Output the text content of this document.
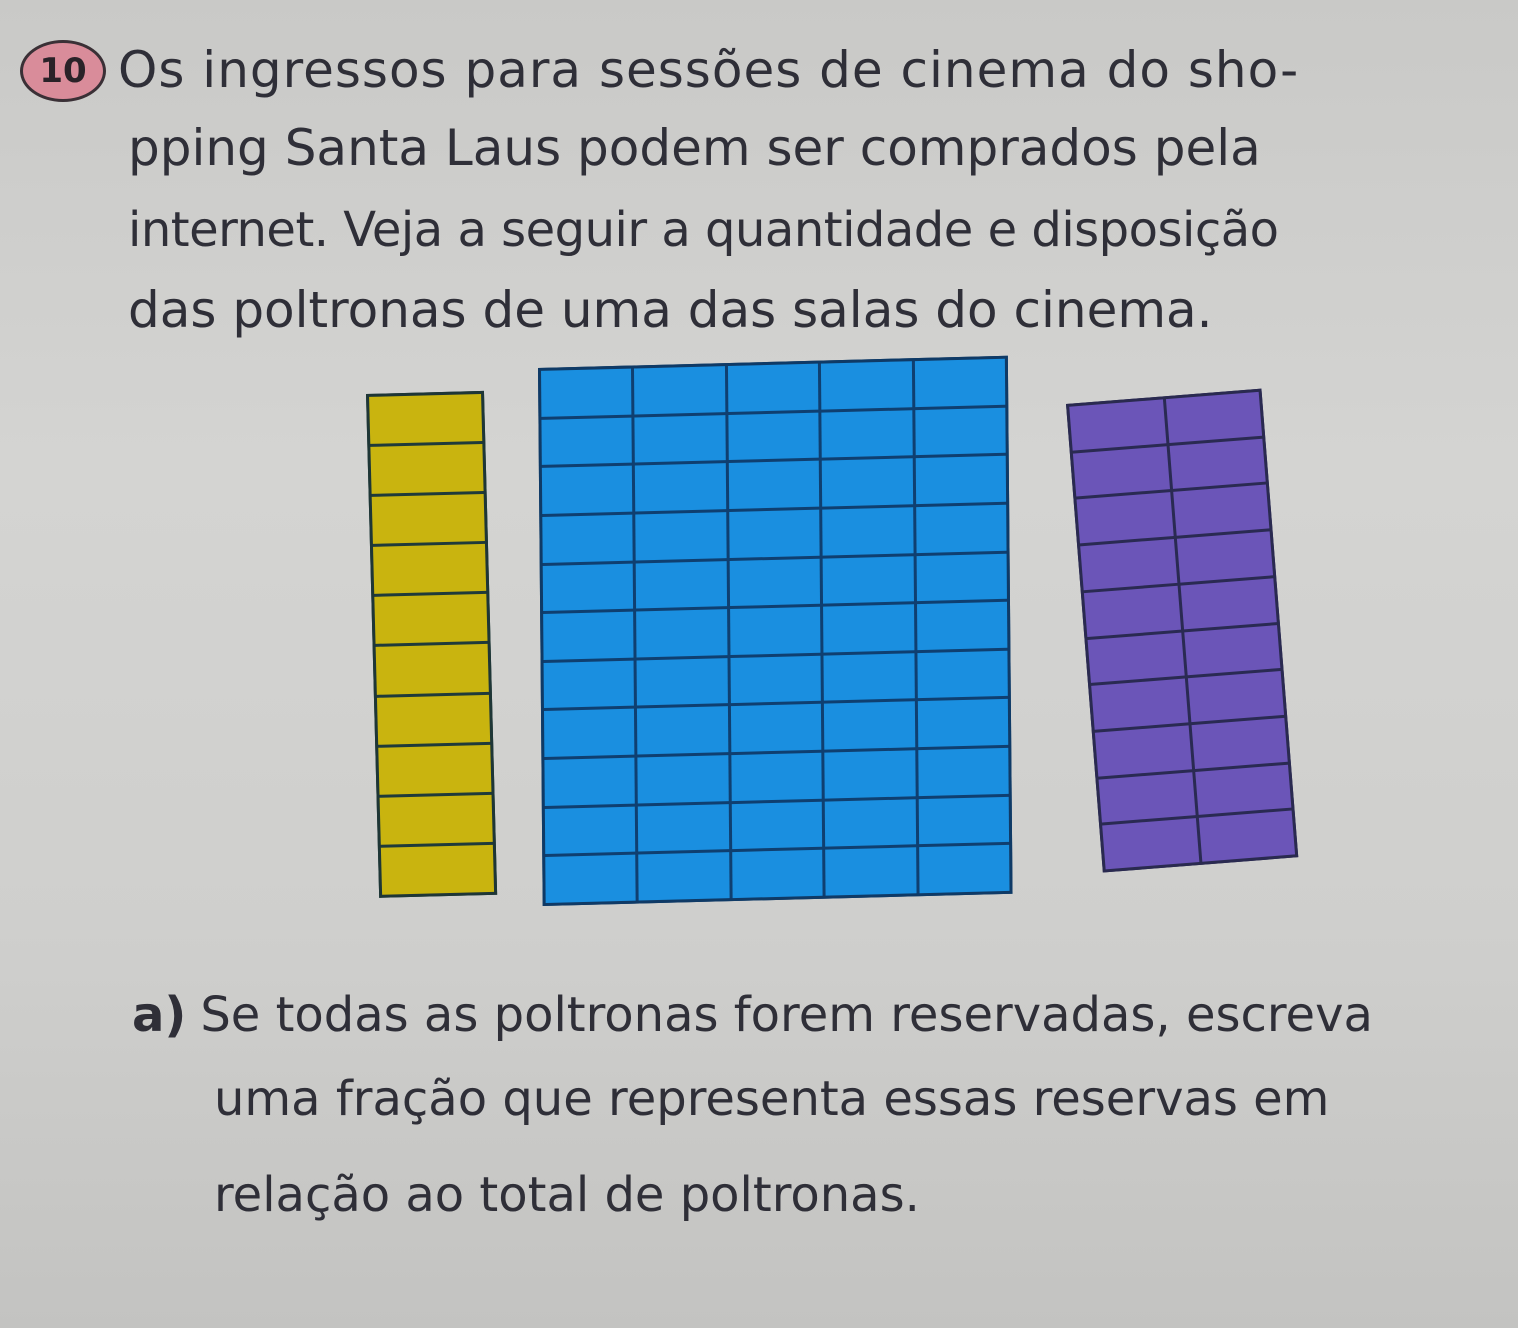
10 Os ingressos para sessões de cinema do sho-

pping Santa Laus podem ser comprados pela

internet. Veja a seguir a quantidade e disposição

das poltronas de uma das salas do cinema.

a) Se todas as poltronas forem reservadas, escreva
uma fração que representa essas reservas em
relação ao total de poltronas.
